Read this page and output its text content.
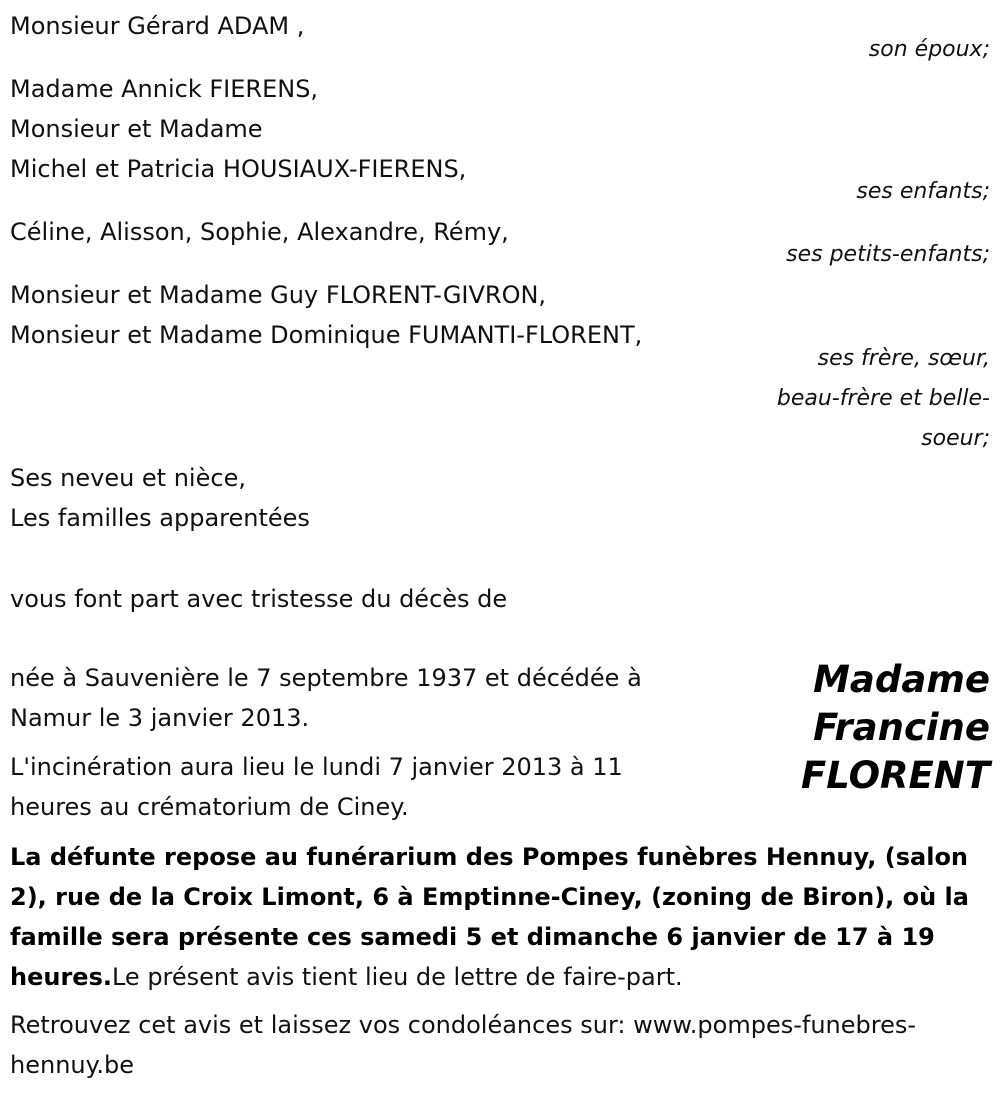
Monsieur Gérard ADAM ,
son époux;
Madame Annick FIERENS,
Monsieur et Madame
Michel et Patricia HOUSIAUX-FIERENS,
ses enfants;
Céline, Alisson, Sophie, Alexandre, Rémy,
ses petits-enfants;
Monsieur et Madame Guy FLORENT-GIVRON,
Monsieur et Madame Dominique FUMANTI-FLORENT,
ses frère, sœur,
beau-frère et belle-
soeur;
Ses neveu et nièce,
Les familles apparentées
vous font part avec tristesse du décès de
Madame
Francine
FLORENT
née à Sauvenière le 7 septembre 1937 et décédée à
Namur le 3 janvier 2013.
L'incinération aura lieu le lundi 7 janvier 2013 à 11
heures au crématorium de Ciney.
La défunte repose au funérarium des Pompes funèbres Hennuy, (salon 2), rue de la Croix Limont, 6 à Emptinne-Ciney, (zoning de Biron), où la famille sera présente ces samedi 5 et dimanche 6 janvier de 17 à 19 heures.Le présent avis tient lieu de lettre de faire-part.
Retrouvez cet avis et laissez vos condoléances sur: www.pompes-funebres-hennuy.be
